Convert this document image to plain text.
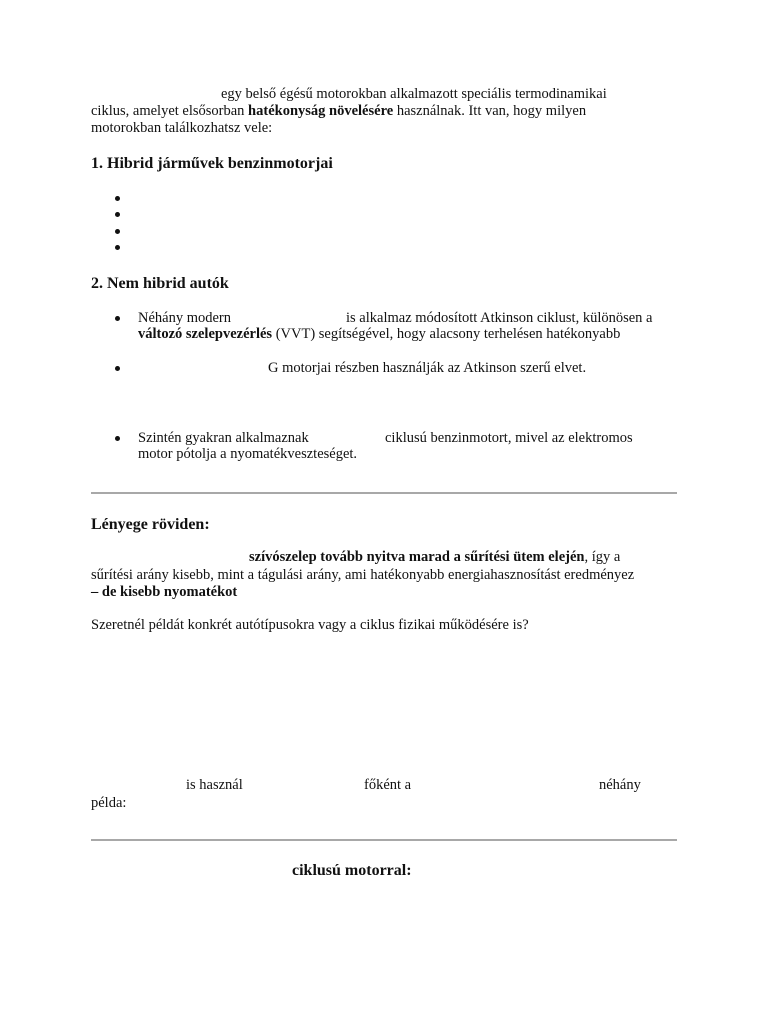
egy belső égésű motorokban alkalmazott speciális termodinamikai
ciklus, amelyet elsősorban hatékonyság növelésére használnak. Itt van, hogy milyen
motorokban találkozhatsz vele:
1. Hibrid járművek benzinmotorjai
2. Nem hibrid autók
Néhány modern	is alkalmaz módosított Atkinson ciklust, különösen a
változó szelepvezérlés (VVT) segítségével, hogy alacsony terhelésen hatékonyabb
G motorjai részben használják az Atkinson szerű elvet.
Szintén gyakran alkalmaznak	ciklusú benzinmotort, mivel az elektromos
motor pótolja a nyomatékveszteséget.
Lényege röviden:
szívószelep tovább nyitva marad a sűrítési ütem elején, így a
sűrítési arány kisebb, mint a tágulási arány, ami hatékonyabb energiahasznosítást eredményez
– de kisebb nyomatékot
Szeretnél példát konkrét autótípusokra vagy a ciklus fizikai működésére is?
is használ	főként a	néhány
példa:
ciklusú motorral:
